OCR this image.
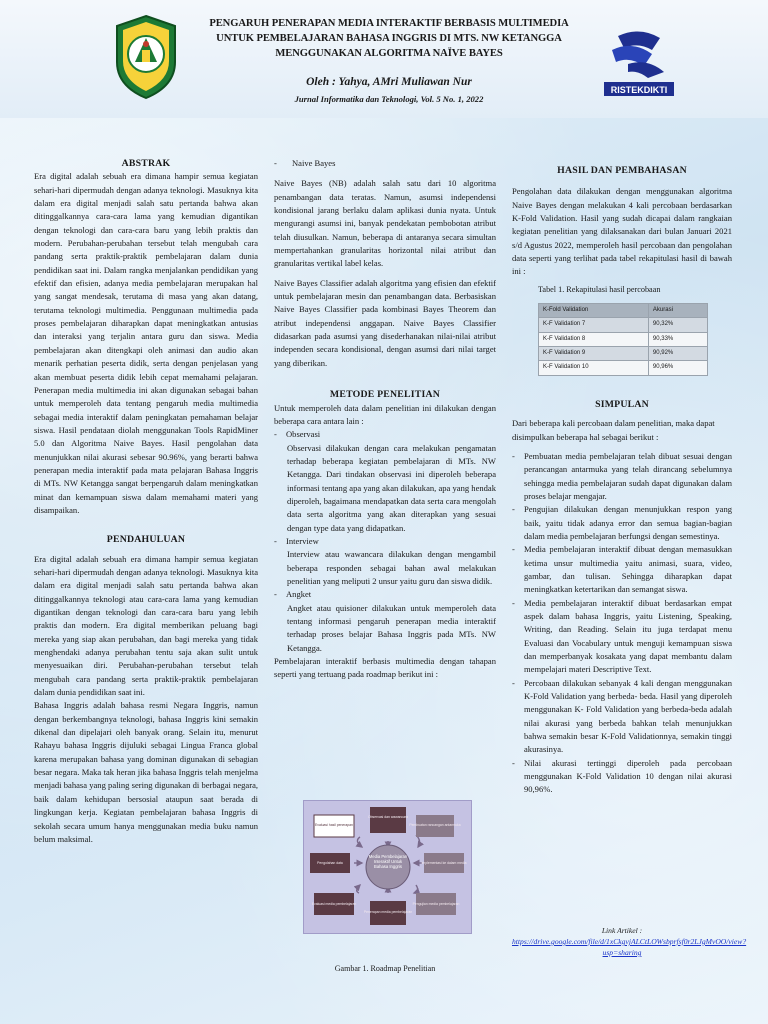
RISTEKDIKTI
PENGARUH PENERAPAN MEDIA INTERAKTIF BERBASIS MULTIMEDIA
UNTUK PEMBELAJARAN BAHASA INGGRIS DI MTS. NW KETANGGA
MENGGUNAKAN ALGORITMA NAÏVE BAYES
Oleh : Yahya, AMri Muliawan Nur
Jurnal Informatika dan Teknologi, Vol. 5 No. 1, 2022
ABSTRAK

Era digital adalah sebuah era dimana hampir semua kegiatan sehari-hari dipermudah dengan adanya teknologi. Masuknya kita dalam era digital menjadi salah satu pertanda bahwa akan ditinggalkannya cara-cara lama yang kemudian digantikan dengan teknologi dan cara-cara baru yang lebih praktis dan modern. Perubahan-perubahan tersebut telah mengubah cara pandang serta praktik-praktik pembelajaran dalam dunia pendidikan saat ini. Dalam rangka menjalankan pendidikan yang efektif dan efisien, adanya media pembelajaran merupakan hal yang sangat mendesak, terutama di masa yang akan datang, terutama teknologi multimedia. Penggunaan multimedia pada proses pembelajaran diharapkan dapat meningkatkan antusias dan interaksi yang terjalin antara guru dan siswa. Media pembelajaran akan ditengkapi oleh animasi dan audio akan menarik perhatian peserta didik, serta dengan penjelasan yang akan membuat peserta didik lebih cepat memahami pelajaran. Penerapan media multimedia ini akan digunakan sebagai bahan untuk memperoleh data tentang pengaruh media multimedia sebagai media interaktif dalam peningkatan pemahaman belajar siswa. Hasil pendataan diolah menggunakan Tools RapidMiner 5.0 dan Algoritma Naive Bayes. Hasil pengolahan data menunjukkan nilai akurasi sebesar 90.96%, yang berarti bahwa penerapan media interaktif pada mata pelajaran Bahasa Inggris di MTs. NW Ketangga sangat berpengaruh dalam meningkatkan minat dan kemampuan siswa dalam memahami materi yang disampaikan.

PENDAHULUAN

Era digital adalah sebuah era dimana hampir semua kegiatan sehari-hari dipermudah dengan adanya teknologi. Masuknya kita dalam era digital menjadi salah satu pertanda bahwa akan ditinggalkannya teknologi atau cara-cara lama yang kemudian digantikan dengan teknologi dan cara-cara baru yang lebih praktis dan modern. Era digital memberikan peluang bagi mereka yang siap akan perubahan, dan bagi mereka yang tidak menghendaki adanya perubahan tentu saja akan sulit untuk menyesuaikan diri. Perubahan-perubahan tersebut telah mengubah cara pandang serta praktik-praktik pembelajaran dalam dunia pendidikan saat ini.

Bahasa Inggris adalah bahasa resmi Negara Inggris, namun dengan berkembangnya teknologi, bahasa Inggris kini semakin dikenal dan dipelajari oleh banyak orang. Selain itu, menurut Rahayu bahasa Inggris dijuluki sebagai Lingua Franca global karena merupakan bahasa yang dominan digunakan di sebagian besar negara. Maka tak heran jika bahasa Inggris telah menjelma menjadi bahasa yang paling sering digunakan di berbagai negara, baik dalam kehidupan bersosial ataupun saat berada di lingkungan kerja. Kegiatan pembelajaran bahasa Inggris di sekolah secara umum hanya menggunakan media buku namun belum maksimal.

- Naive Bayes

Naive Bayes (NB) adalah salah satu dari 10 algoritma penambangan data teratas. Namun, asumsi independensi kondisional jarang berlaku dalam aplikasi dunia nyata. Untuk mengurangi asumsi ini, banyak pendekatan pembobotan atribut telah diusulkan. Namun, beberapa di antaranya secara simultan mempertahankan granularitas horizontal nilai atribut dan granularitas vertikal label kelas.

Naive Bayes Classifier adalah algoritma yang efisien dan efektif untuk pembelajaran mesin dan penambangan data. Berbasiskan Naive Bayes Classifier pada kombinasi Bayes Theorem dan atribut independensi anggapan. Naive Bayes Classifier didasarkan pada asumsi yang disederhanakan nilai-nilai atribut independen secara kondisional, dengan asumsi dari nilai target yang diberikan.

METODE PENELITIAN

Untuk memperoleh data dalam penelitian ini dilakukan dengan beberapa cara antara lain :

- Observasi

Observasi dilakukan dengan cara melakukan pengamatan terhadap beberapa kegiatan pembelajaran di MTs. NW Ketangga. Dari tindakan observasi ini diperoleh beberapa informasi tentang apa yang akan dilakukan, apa yang hendak diperoleh, bagaimana mendapatkan data serta cara mengolah data serta algoritma yang akan diterapkan yang sesuai dengan type data yang didapatkan.

- Interview

Interview atau wawancara dilakukan dengan mengambil beberapa responden sebagai bahan awal melakukan penelitian yang meliputi 2 unsur yaitu guru dan siswa didik.

- Angket

Angket atau quisioner dilakukan untuk memperoleh data tentang informasi pengaruh penerapan media interaktif terhadap proses belajar Bahasa Inggris pada MTs. NW Ketangga.

Pembelajaran interaktif berbasis multimedia dengan tahapan seperti yang tertuang pada roadmap berikut ini :

Media Pembelajaran Interaktif Untuk Bahasa Inggris
Observasi dan wawancara
Pembuatan rancangan antarmuka
Implementasi ke dalam media
Pengujian media pembelajaran
Penerapan media pembelajaran
Evaluasi media pembelajaran
Pengolahan data
Evaluasi hasil penerapan
Gambar 1. Roadmap Penelitian
HASIL DAN PEMBAHASAN

Pengolahan data dilakukan dengan menggunakan algoritma Naive Bayes dengan melakukan 4 kali percobaan berdasarkan K-Fold Validation. Hasil yang sudah dicapai dalam rangkaian kegiatan penelitian yang dilaksanakan dari bulan Januari 2021 s/d Agustus 2022, memperoleh hasil percobaan dan pengolahan data seperti yang terlihat pada tabel rekapitulasi hasil di bawah ini :

Tabel 1. Rekapitulasi hasil percobaan
K-Fold Validation	Akurasi
K-F Validation 7	90,32%
K-F Validation 8	90,33%
K-F Validation 9	90,92%
K-F Validation 10	90,96%
SIMPULAN

Dari beberapa kali percobaan dalam penelitian, maka dapat disimpulkan beberapa hal sebagai berikut :

- Pembuatan media pembelajaran telah dibuat sesuai dengan perancangan antarmuka yang telah dirancang sebelumnya sehingga media pembelajaran sudah dapat digunakan dalam proses belajar mengajar.
- Pengujian dilakukan dengan menunjukkan respon yang baik, yaitu tidak adanya error dan semua bagian-bagian dalam media pembelajaran berfungsi dengan semestinya.
- Media pembelajaran interaktif dibuat dengan memasukkan ketima unsur multimedia yaitu animasi, suara, video, gambar, dan tulisan. Sehingga diharapkan dapat meningkatkan ketertarikan dan semangat siswa.
- Media pembelajaran interaktif dibuat berdasarkan empat aspek dalam bahasa Inggris, yaitu Listening, Speaking, Writing, dan Reading. Selain itu juga terdapat menu Evaluasi dan Vocabulary untuk menguji kemampuan siswa dan memperbanyak kosakata yang dapat membantu dalam mempelajari materi Descriptive Text.
- Percobaan dilakukan sebanyak 4 kali dengan menggunakan K-Fold Validation yang berbeda- beda. Hasil yang diperoleh menggunakan K- Fold Validation yang berbeda-beda adalah nilai akurasi yang berbeda bahkan telah menunjukkan bahwa semakin besar K-Fold Validationnya, semakin tinggi akurasinya.
- Nilai akurasi tertinggi diperoleh pada percobaan menggunakan K-Fold Validation 10 dengan nilai akurasi 90,96%.
Link Artikel :
https://drive.google.com/file/d/1xCkgvjALCtLOWsbprfsf0r2LJgMvOO/view?usp=sharing
